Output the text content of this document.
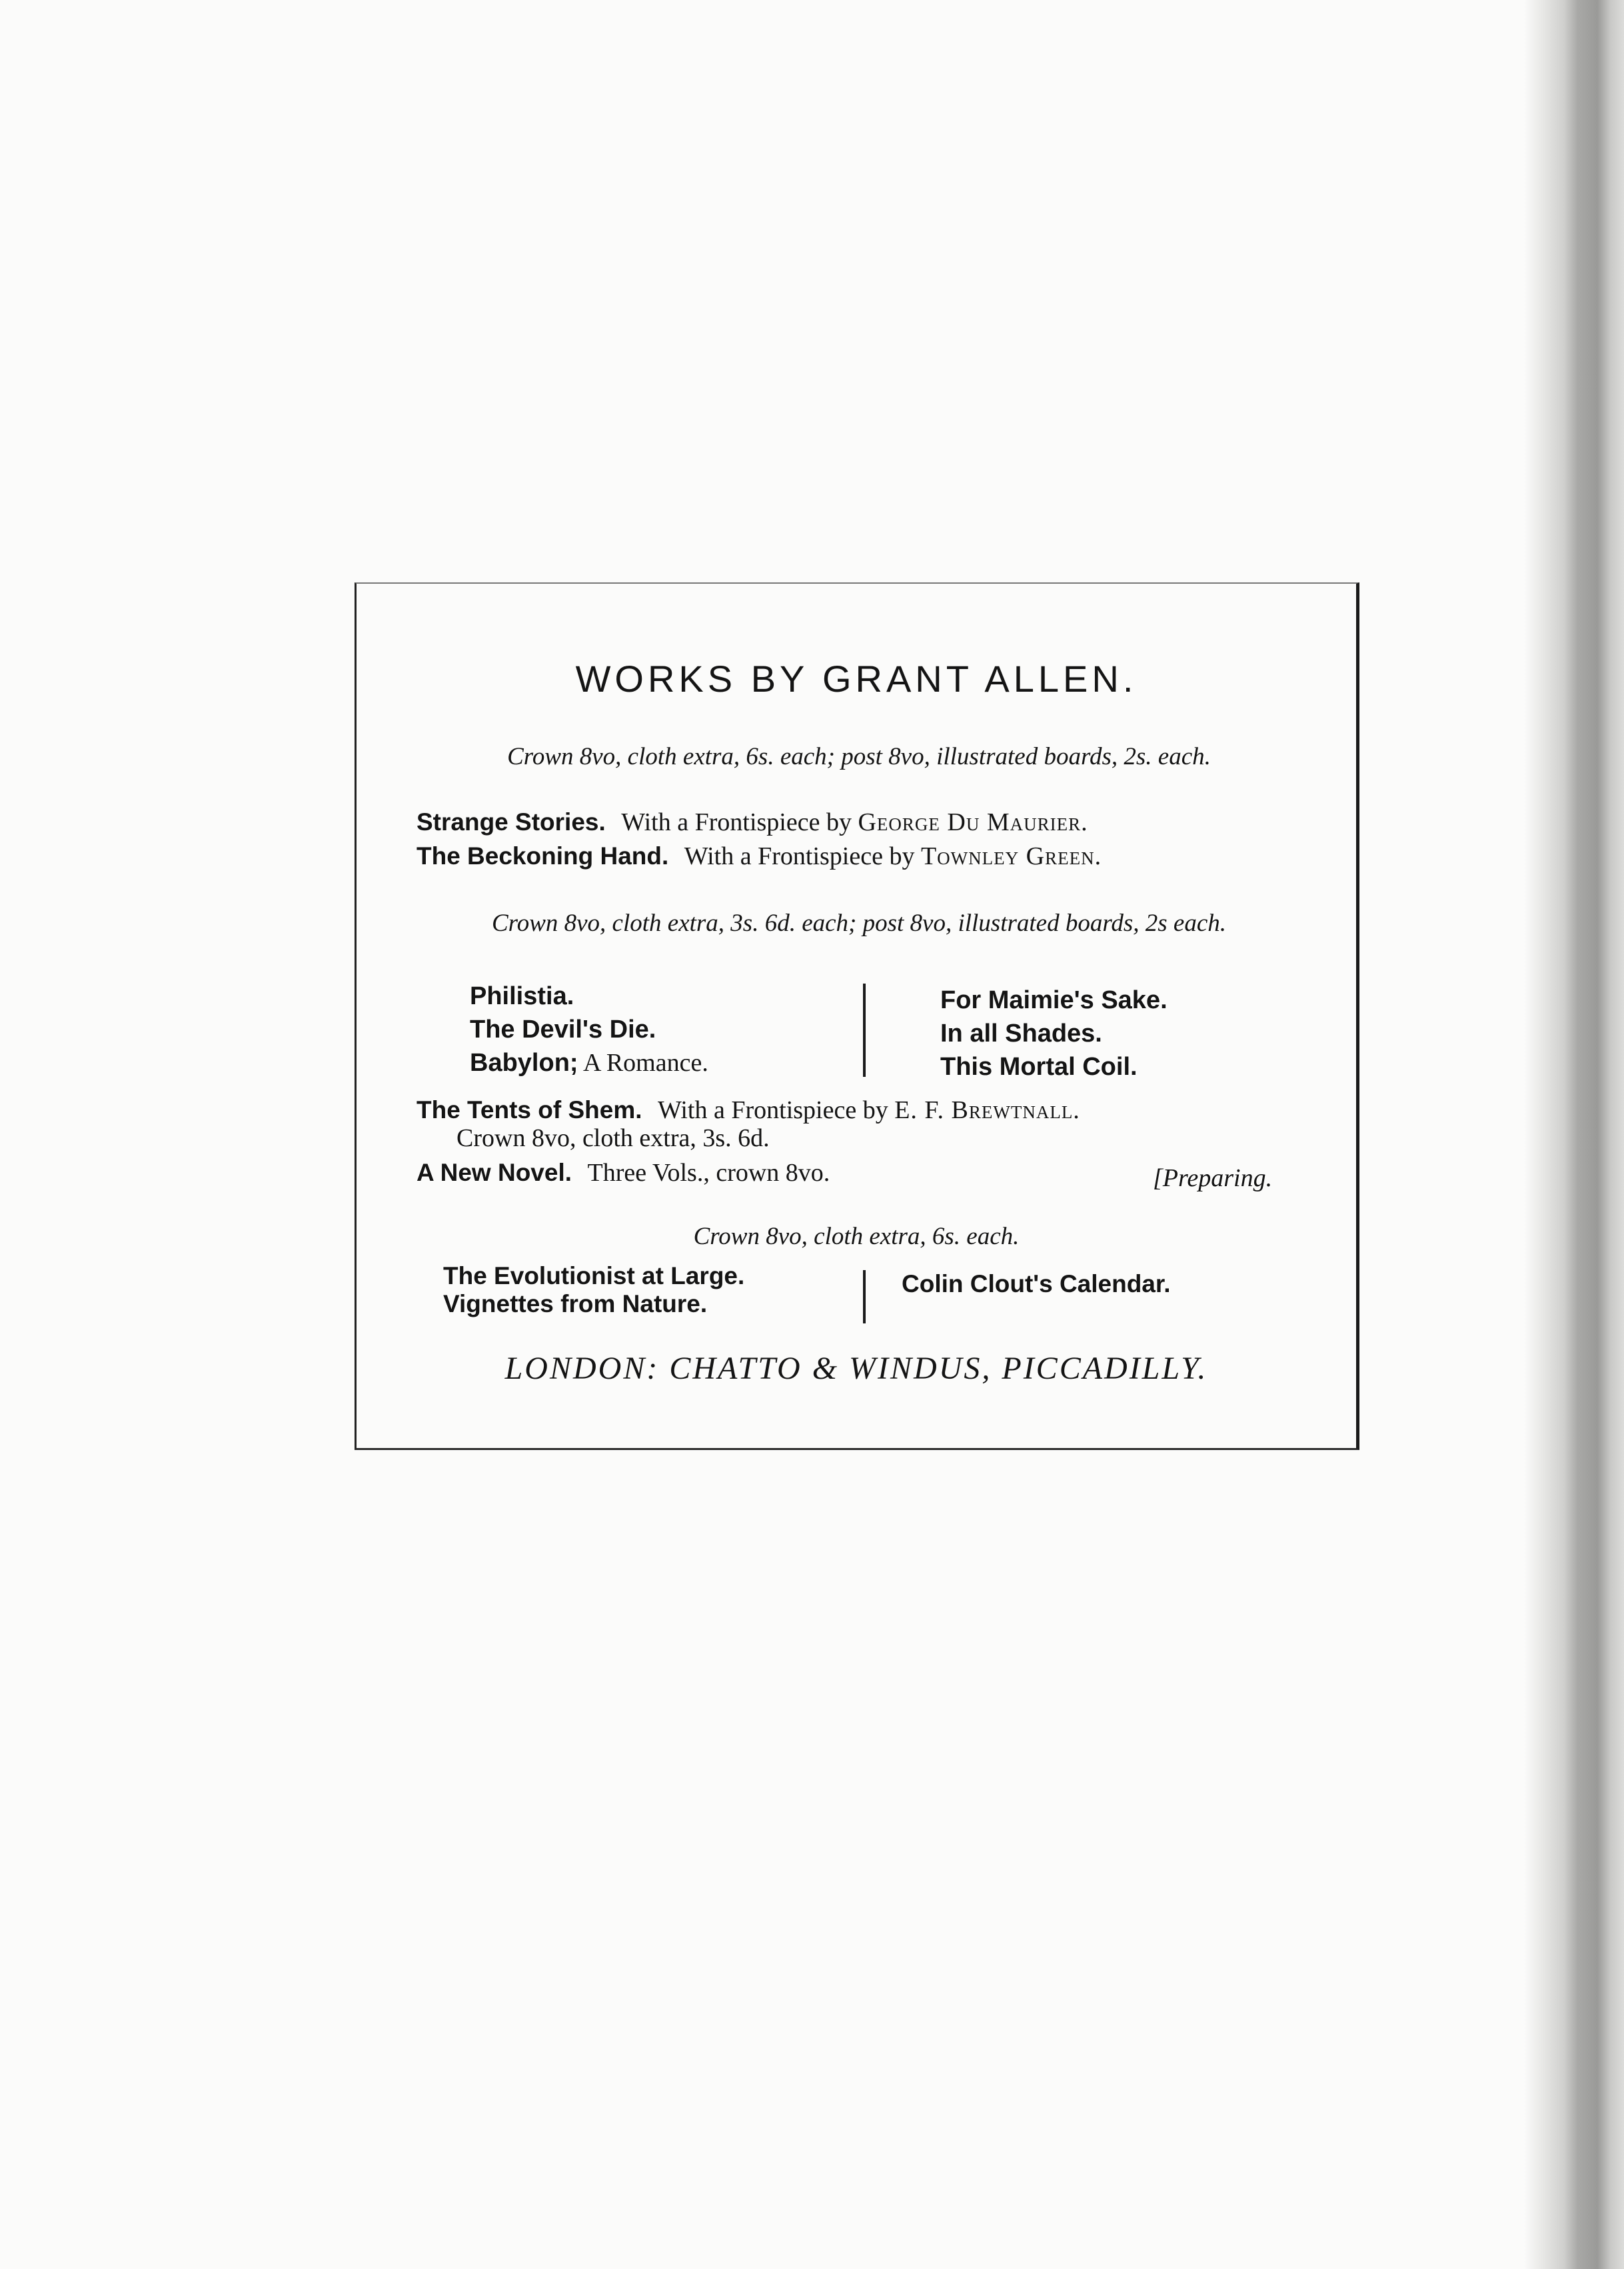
WORKS BY GRANT ALLEN.
Crown 8vo, cloth extra, 6s. each; post 8vo, illustrated boards, 2s. each.
Strange Stories. With a Frontispiece by George Du Maurier.
The Beckoning Hand. With a Frontispiece by Townley Green.
Crown 8vo, cloth extra, 3s. 6d. each; post 8vo, illustrated boards, 2s each.
Philistia.
The Devil's Die.
Babylon; A Romance.
For Maimie's Sake.
In all Shades.
This Mortal Coil.
The Tents of Shem. With a Frontispiece by E. F. Brewtnall.
Crown 8vo, cloth extra, 3s. 6d.
A New Novel. Three Vols., crown 8vo.	[Preparing.
Crown 8vo, cloth extra, 6s. each.
The Evolutionist at Large.
Vignettes from Nature.
Colin Clout's Calendar.
LONDON: CHATTO & WINDUS, PICCADILLY.
